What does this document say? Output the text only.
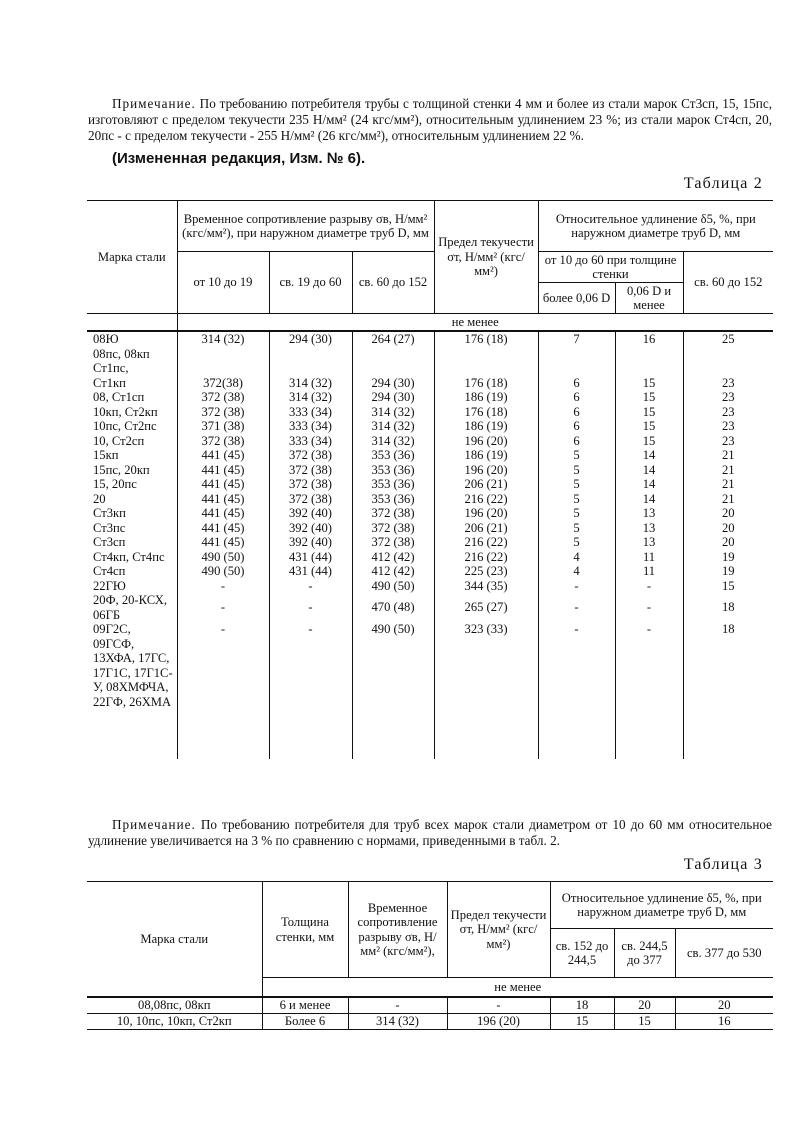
Примечание. По требованию потребителя трубы с толщиной стенки 4 мм и более из стали марок Ст3сп, 15, 15пс, изготовляют с пределом текучести 235 Н/мм² (24 кгс/мм²), относительным удлинением 23 %; из стали марок Ст4сп, 20, 20пс - с пределом текучести - 255 Н/мм² (26 кгс/мм²), относительным удлинением 22 %.
(Измененная редакция, Изм. № 6).
Таблица 2
Марка стали	Временное сопротивление разрыву σв, Н/мм² (кгс/мм²), при наружном диаметре труб D, мм			Предел текучести σт, Н/мм² (кгс/мм²)	Относительное удлинение δ5, %, при наружном диаметре труб D, мм		
	от 10 до 19	св. 19 до 60	св. 60 до 152		от 10 до 60 при толщине стенки		св. 60 до 152
					более 0,06 D	0,06 D и менее	
	не менее						
08Ю	314 (32)	294 (30)	264 (27)	176 (18)	7	16	25
08пс, 08кп							
Ст1пс,							
Ст1кп	372(38)	314 (32)	294 (30)	176 (18)	6	15	23
08, Ст1сп	372 (38)	314 (32)	294 (30)	186 (19)	6	15	23
10кп, Ст2кп	372 (38)	333 (34)	314 (32)	176 (18)	6	15	23
10пс, Ст2пс	371 (38)	333 (34)	314 (32)	186 (19)	6	15	23
10, Ст2сп	372 (38)	333 (34)	314 (32)	196 (20)	6	15	23
15кп	441 (45)	372 (38)	353 (36)	186 (19)	5	14	21
15пс, 20кп	441 (45)	372 (38)	353 (36)	196 (20)	5	14	21
15, 20пс	441 (45)	372 (38)	353 (36)	206 (21)	5	14	21
20	441 (45)	372 (38)	353 (36)	216 (22)	5	14	21
Ст3кп	441 (45)	392 (40)	372 (38)	196 (20)	5	13	20
Ст3пс	441 (45)	392 (40)	372 (38)	206 (21)	5	13	20
Ст3сп	441 (45)	392 (40)	372 (38)	216 (22)	5	13	20
Ст4кп, Ст4пс	490 (50)	431 (44)	412 (42)	216 (22)	4	11	19
Ст4сп	490 (50)	431 (44)	412 (42)	225 (23)	4	11	19
22ГЮ	-	-	490 (50)	344 (35)	-	-	15
20Ф, 20-КСХ, 06ГБ	-	-	470 (48)	265 (27)	-	-	18
09Г2С, 09ГСФ, 13ХФА, 17ГС, 17Г1С, 17Г1С-У, 08ХМФЧА, 22ГФ, 26ХМА	-	-	490 (50)	323 (33)	-	-	18
Примечание. По требованию потребителя для труб всех марок стали диаметром от 10 до 60 мм относительное удлинение увеличивается на 3 % по сравнению с нормами, приведенными в табл. 2.
Таблица 3
Марка стали	Толщина стенки, мм	Временное сопротивление разрыву σв, Н/мм² (кгс/мм²),	Предел текучести σт, Н/мм² (кгс/мм²)	Относительное удлинение δ5, %, при наружном диаметре труб D, мм		
				св. 152 до 244,5	св. 244,5 до 377	св. 377 до 530
	не менее					
08,08пс, 08кп	6 и менее	-	-	18	20	20
10, 10пс, 10кп, Ст2кп	Более 6	314 (32)	196 (20)	15	15	16
